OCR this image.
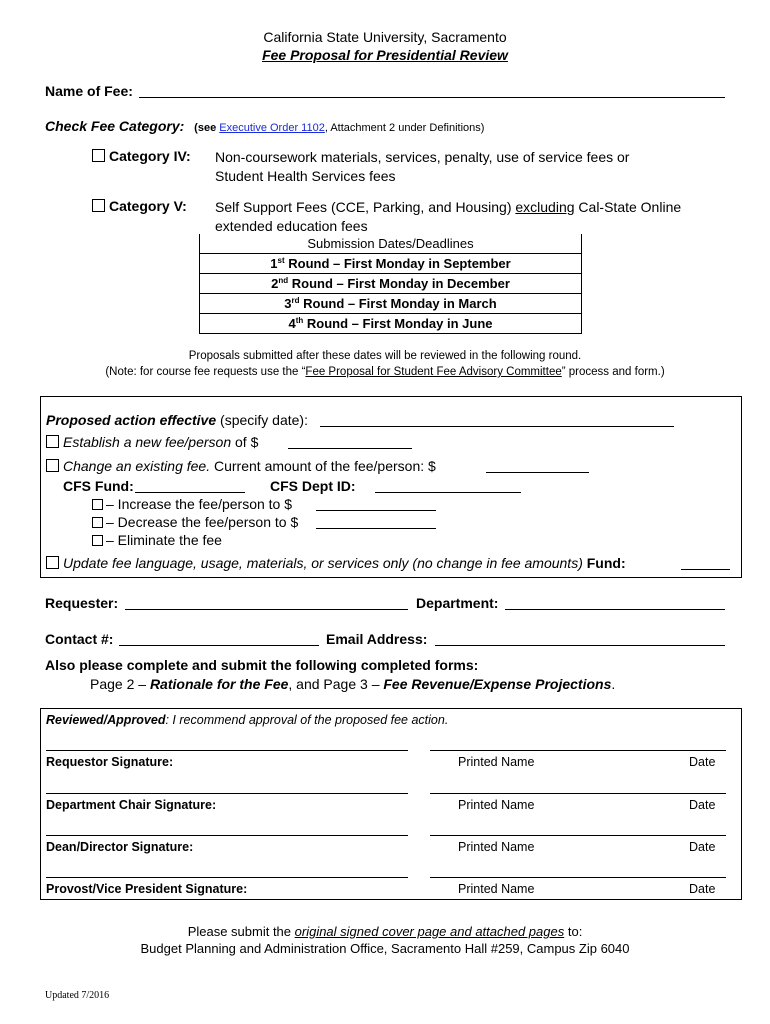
California State University, Sacramento
Fee Proposal for Presidential Review
Name of Fee:
Check Fee Category: (see Executive Order 1102, Attachment 2 under Definitions)
Category IV: Non-coursework materials, services, penalty, use of service fees or
Student Health Services fees
Category V: Self Support Fees (CCE, Parking, and Housing) excluding Cal-State Online
extended education fees
Submission Dates/Deadlines
1st Round – First Monday in September
2nd Round – First Monday in December
3rd Round – First Monday in March
4th Round – First Monday in June
Proposals submitted after these dates will be reviewed in the following round.
(Note: for course fee requests use the “Fee Proposal for Student Fee Advisory Committee” process and form.)
Proposed action effective (specify date):
Establish a new fee/person of $
Change an existing fee. Current amount of the fee/person: $
CFS Fund:	CFS Dept ID:
– Increase the fee/person to $
– Decrease the fee/person to $
– Eliminate the fee
Update fee language, usage, materials, or services only (no change in fee amounts) Fund:
Requester:	Department:
Contact #:	Email Address:
Also please complete and submit the following completed forms:
Page 2 – Rationale for the Fee, and Page 3 – Fee Revenue/Expense Projections.
Reviewed/Approved: I recommend approval of the proposed fee action.
Requestor Signature:	Printed Name	Date
Department Chair Signature:	Printed Name	Date
Dean/Director Signature:	Printed Name	Date
Provost/Vice President Signature:	Printed Name	Date
Please submit the original signed cover page and attached pages to:
Budget Planning and Administration Office, Sacramento Hall #259, Campus Zip 6040
Updated 7/2016
